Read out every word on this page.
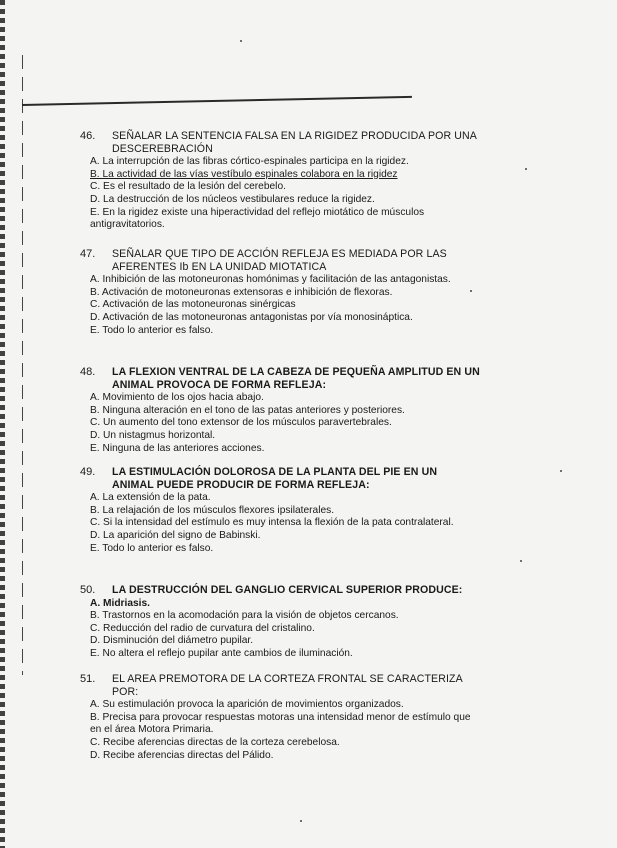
46.	SEÑALAR LA SENTENCIA FALSA EN LA RIGIDEZ PRODUCIDA POR UNA DESCEREBRACIÓN
A. La interrupción de las fibras córtico-espinales participa en la rigidez.
B. La actividad de las vías vestíbulo espinales colabora en la rigidez
C. Es el resultado de la lesión del cerebelo.
D. La destrucción de los núcleos vestibulares reduce la rigidez.
E. En la rigidez existe una hiperactividad del reflejo miotático de músculos antigravitatorios.
47.	SEÑALAR QUE TIPO DE ACCIÓN REFLEJA ES MEDIADA POR LAS AFERENTES Ib EN LA UNIDAD MIOTATICA
A. Inhibición de las motoneuronas homónimas y facilitación de las antagonistas.
B. Activación de motoneuronas extensoras e inhibición de flexoras.
C. Activación de las motoneuronas sinérgicas
D. Activación de las motoneuronas antagonistas por vía monosináptica.
E. Todo lo anterior es falso.
48.	LA FLEXION VENTRAL DE LA CABEZA DE PEQUEÑA AMPLITUD EN UN ANIMAL PROVOCA DE FORMA REFLEJA:
A. Movimiento de los ojos hacia abajo.
B. Ninguna alteración en el tono de las patas anteriores y posteriores.
C. Un aumento del tono extensor de los músculos paravertebrales.
D. Un nistagmus horizontal.
E. Ninguna de las anteriores acciones.
49.	LA ESTIMULACIÓN DOLOROSA DE LA PLANTA DEL PIE EN UN ANIMAL PUEDE PRODUCIR DE FORMA REFLEJA:
A. La extensión de la pata.
B. La relajación de los músculos flexores ipsilaterales.
C. Si la intensidad del estímulo es muy intensa la flexión de la pata contralateral.
D. La aparición del signo de Babinski.
E. Todo lo anterior es falso.
50.	LA DESTRUCCIÓN DEL GANGLIO CERVICAL SUPERIOR PRODUCE:
A. Midriasis.
B. Trastornos en la acomodación para la visión de objetos cercanos.
C. Reducción del radio de curvatura del cristalino.
D. Disminución del diámetro pupilar.
E. No altera el reflejo pupilar ante cambios de iluminación.
51.	EL AREA PREMOTORA DE LA CORTEZA FRONTAL SE CARACTERIZA POR:
A. Su estimulación provoca la aparición de movimientos organizados.
B. Precisa para provocar respuestas motoras una intensidad menor de estímulo que en el área Motora Primaria.
C. Recibe aferencias directas de la corteza cerebelosa.
D. Recibe aferencias directas del Pálido.
